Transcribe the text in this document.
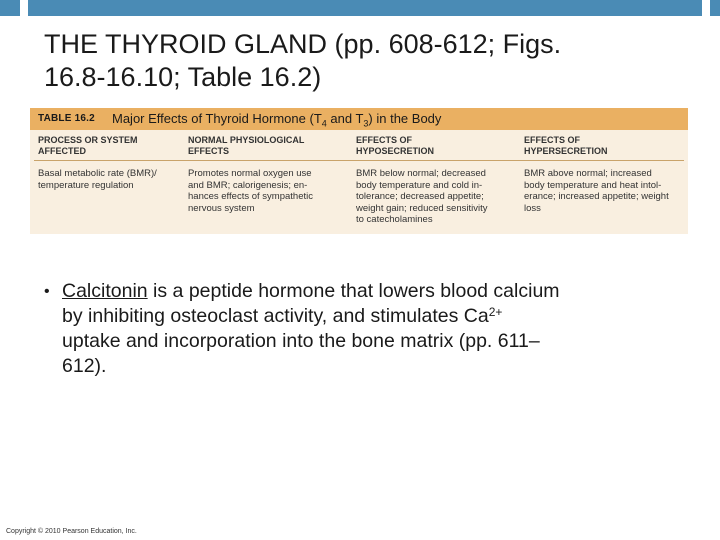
THE THYROID GLAND (pp. 608-612; Figs.
16.8-16.10; Table 16.2)
TABLE 16.2 Major Effects of Thyroid Hormone ($T_4$ and $T_3$) in the Body
PROCESS OR SYSTEM
AFFECTED
NORMAL PHYSIOLOGICAL
EFFECTS
EFFECTS OF
HYPOSECRETION
EFFECTS OF
HYPERSECRETION
Basal metabolic rate (BMR)/
temperature regulation
Promotes normal oxygen use
and BMR; calorigenesis; en-
hances effects of sympathetic
nervous system
BMR below normal; decreased
body temperature and cold in-
tolerance; decreased appetite;
weight gain; reduced sensitivity
to catecholamines
BMR above normal; increased
body temperature and heat intol-
erance; increased appetite; weight
loss
• Calcitonin is a peptide hormone that lowers blood calcium
by inhibiting osteoclast activity, and stimulates $Ca^{2+}$
uptake and incorporation into the bone matrix (pp. 611–
612).
Copyright © 2010 Pearson Education, Inc.
